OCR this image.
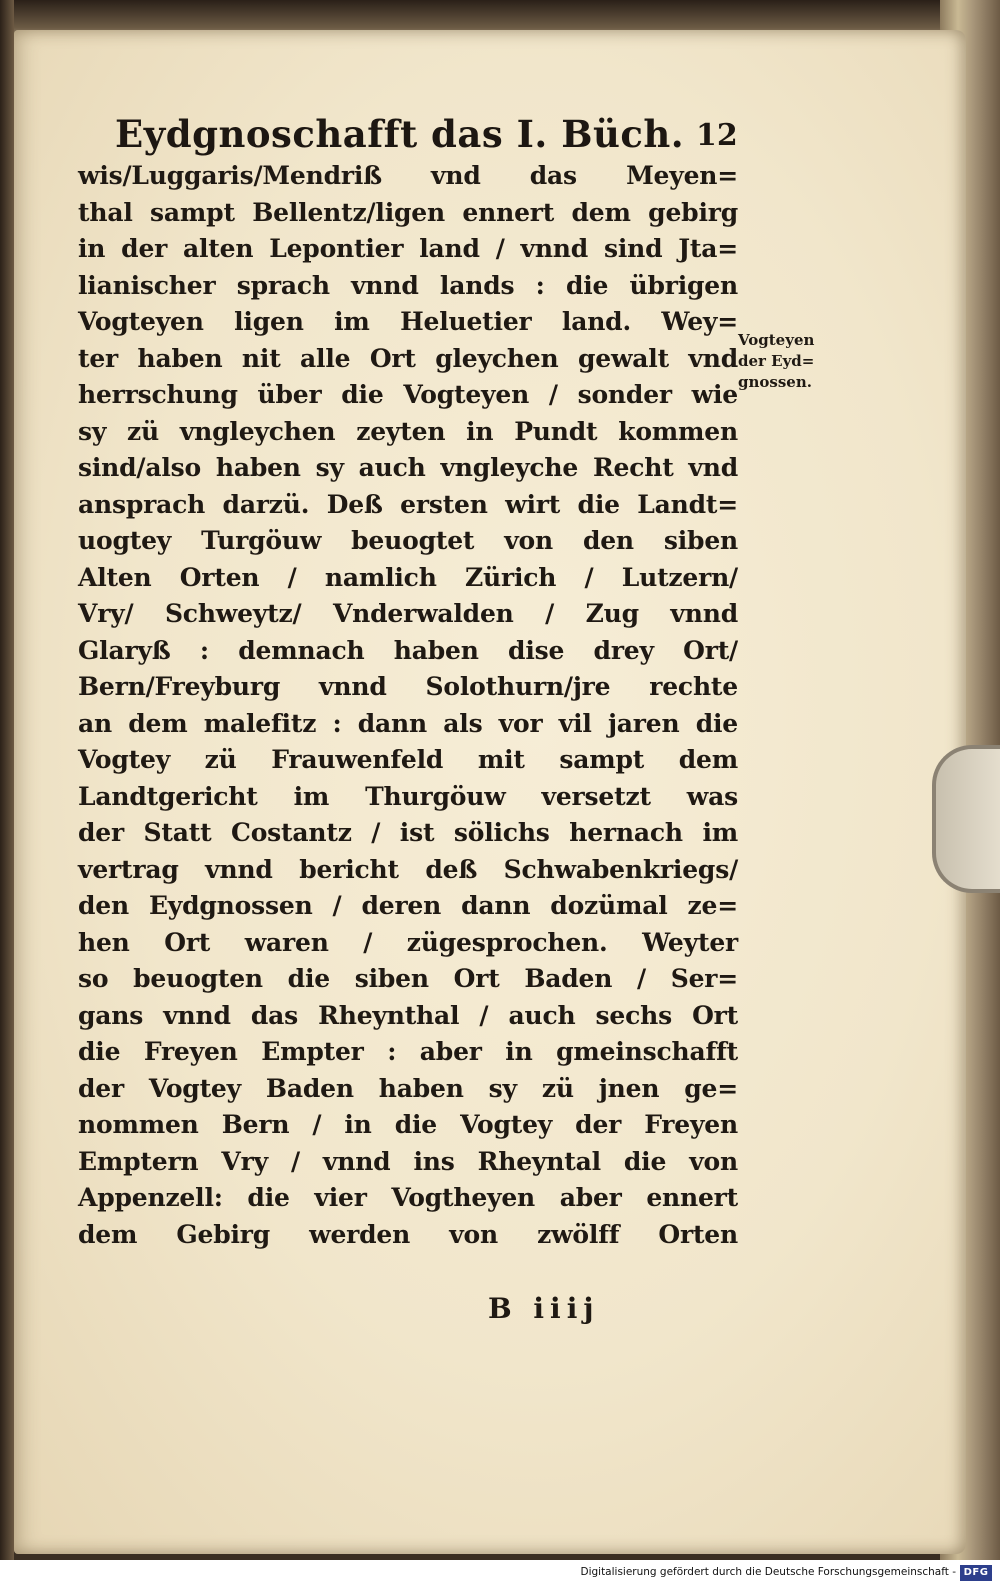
Eydgnoschafft das I. Büch. 12
wis/Luggaris/Mendriß vnd das Meyen=
thal sampt Bellentz/ligen ennert dem gebirg
in der alten Lepontier land / vnnd sind Jta=
lianischer sprach vnnd lands : die übrigen
Vogteyen ligen im Heluetier land. Wey=
ter haben nit alle Ort gleychen gewalt vnd
herrschung über die Vogteyen / sonder wie
sy zü vngleychen zeyten in Pundt kommen
sind/also haben sy auch vngleyche Recht vnd
ansprach darzü. Deß ersten wirt die Landt=
uogtey Turgöuw beuogtet von den siben
Alten Orten / namlich Zürich / Lutzern/
Vry/ Schweytz/ Vnderwalden / Zug vnnd
Glaryß : demnach haben dise drey Ort/
Bern/Freyburg vnnd Solothurn/jre rechte
an dem malefitz : dann als vor vil jaren die
Vogtey zü Frauwenfeld mit sampt dem
Landtgericht im Thurgöuw versetzt was
der Statt Costantz / ist sölichs hernach im
vertrag vnnd bericht deß Schwabenkriegs/
den Eydgnossen / deren dann dozümal ze=
hen Ort waren / zügesprochen. Weyter
so beuogten die siben Ort Baden / Ser=
gans vnnd das Rheynthal / auch sechs Ort
die Freyen Empter : aber in gmeinschafft
der Vogtey Baden haben sy zü jnen ge=
nommen Bern / in die Vogtey der Freyen
Emptern Vry / vnnd ins Rheyntal die von
Appenzell: die vier Vogtheyen aber ennert
dem Gebirg werden von zwölff Orten
Vogteyen
der Eyd=
gnossen.
B iiij
Digitalisierung gefördert durch die Deutsche Forschungsgemeinschaft - DFG
